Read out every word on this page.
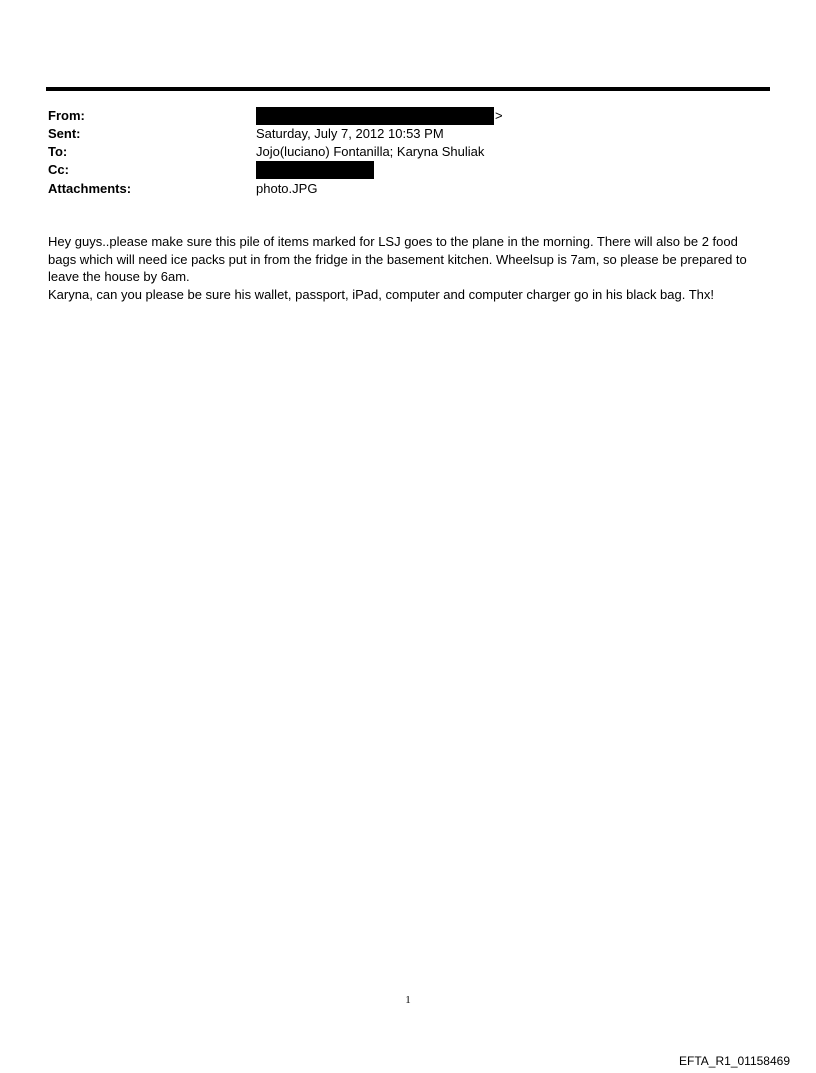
From:	>
Sent:	Saturday, July 7, 2012 10:53 PM
To:	Jojo(luciano) Fontanilla; Karyna Shuliak
Cc:
Attachments:	photo.JPG

Hey guys..please make sure this pile of items marked for LSJ goes to the plane in the morning. There will also be 2 food bags which will need ice packs put in from the fridge in the basement kitchen. Wheelsup is 7am, so please be prepared to leave the house by 6am.

Karyna, can you please be sure his wallet, passport, iPad, computer and computer charger go in his black bag. Thx!

1
EFTA_R1_01158469
